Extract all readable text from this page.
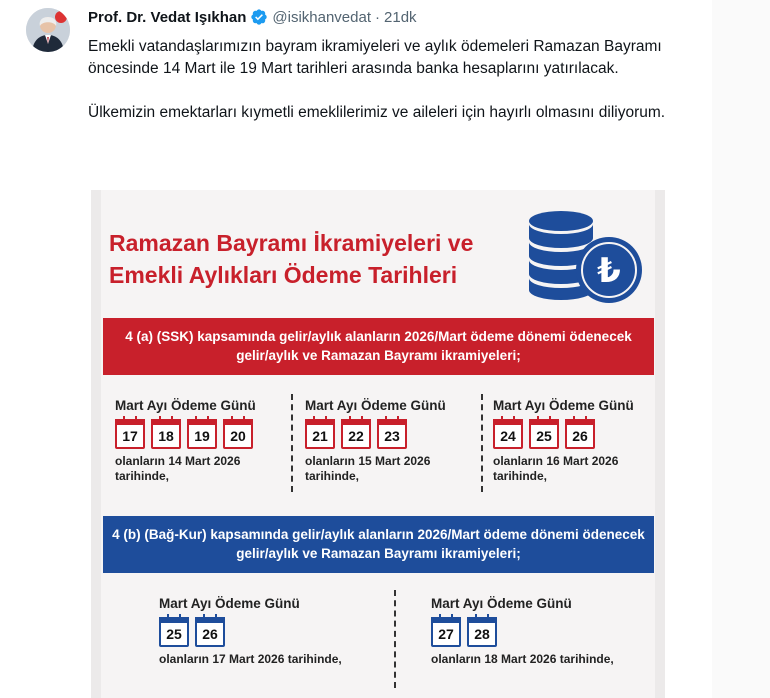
Prof. Dr. Vedat Işıkhan @isikhanvedat · 21dk

Emekli vatandaşlarımızın bayram ikramiyeleri ve aylık ödemeleri Ramazan Bayramı öncesinde 14 Mart ile 19 Mart tarihleri arasında banka hesaplarını yatırılacak.

Ülkemizin emektarları kıymetli emeklilerimiz ve aileleri için hayırlı olmasını diliyorum.

Ramazan Bayramı İkramiyeleri ve
Emekli Aylıkları Ödeme Tarihleri	₺
4 (a) (SSK) kapsamında gelir/aylık alanların 2026/Mart ödeme dönemi ödenecek gelir/aylık ve Ramazan Bayramı ikramiyeleri;
Mart Ayı Ödeme Günü
17 18 19 20
olanların 14 Mart 2026
tarihinde,
Mart Ayı Ödeme Günü
21 22 23
olanların 15 Mart 2026
tarihinde,
Mart Ayı Ödeme Günü
24 25 26
olanların 16 Mart 2026
tarihinde,
4 (b) (Bağ-Kur) kapsamında gelir/aylık alanların 2026/Mart ödeme dönemi ödenecek gelir/aylık ve Ramazan Bayramı ikramiyeleri;
Mart Ayı Ödeme Günü
25 26
olanların 17 Mart 2026 tarihinde,
Mart Ayı Ödeme Günü
27 28
olanların 18 Mart 2026 tarihinde,
